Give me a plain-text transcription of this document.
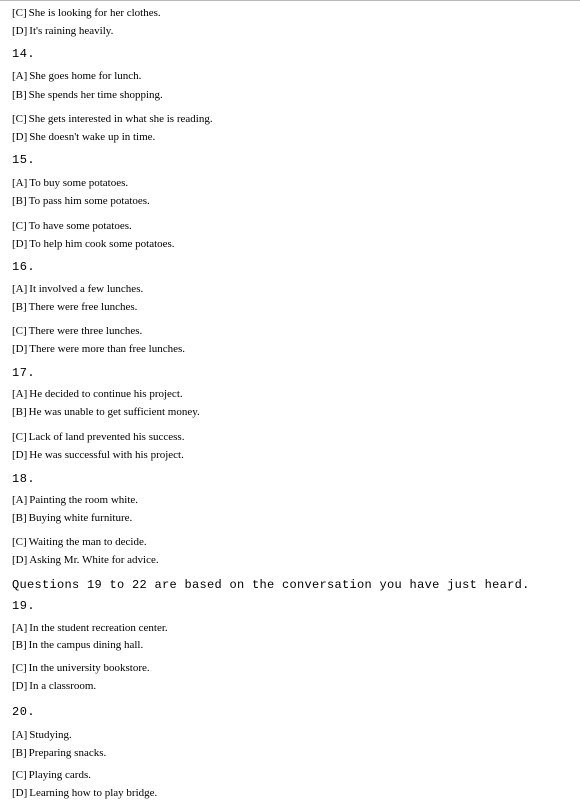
[C] She is looking for her clothes.
[D] It's raining heavily.
14.
[A] She goes home for lunch.
[B] She spends her time shopping.
[C] She gets interested in what she is reading.
[D] She doesn't wake up in time.
15.
[A] To buy some potatoes.
[B] To pass him some potatoes.
[C] To have some potatoes.
[D] To help him cook some potatoes.
16.
[A] It involved a few lunches.
[B] There were free lunches.
[C] There were three lunches.
[D] There were more than free lunches.
17.
[A] He decided to continue his project.
[B] He was unable to get sufficient money.
[C] Lack of land prevented his success.
[D] He was successful with his project.
18.
[A] Painting the room white.
[B] Buying white furniture.
[C] Waiting the man to decide.
[D] Asking Mr. White for advice.
Questions 19 to 22 are based on the conversation you have just heard.
19.
[A] In the student recreation center.
[B] In the campus dining hall.
[C] In the university bookstore.
[D] In a classroom.
20.
[A] Studying.
[B] Preparing snacks.
[C] Playing cards.
[D] Learning how to play bridge.
